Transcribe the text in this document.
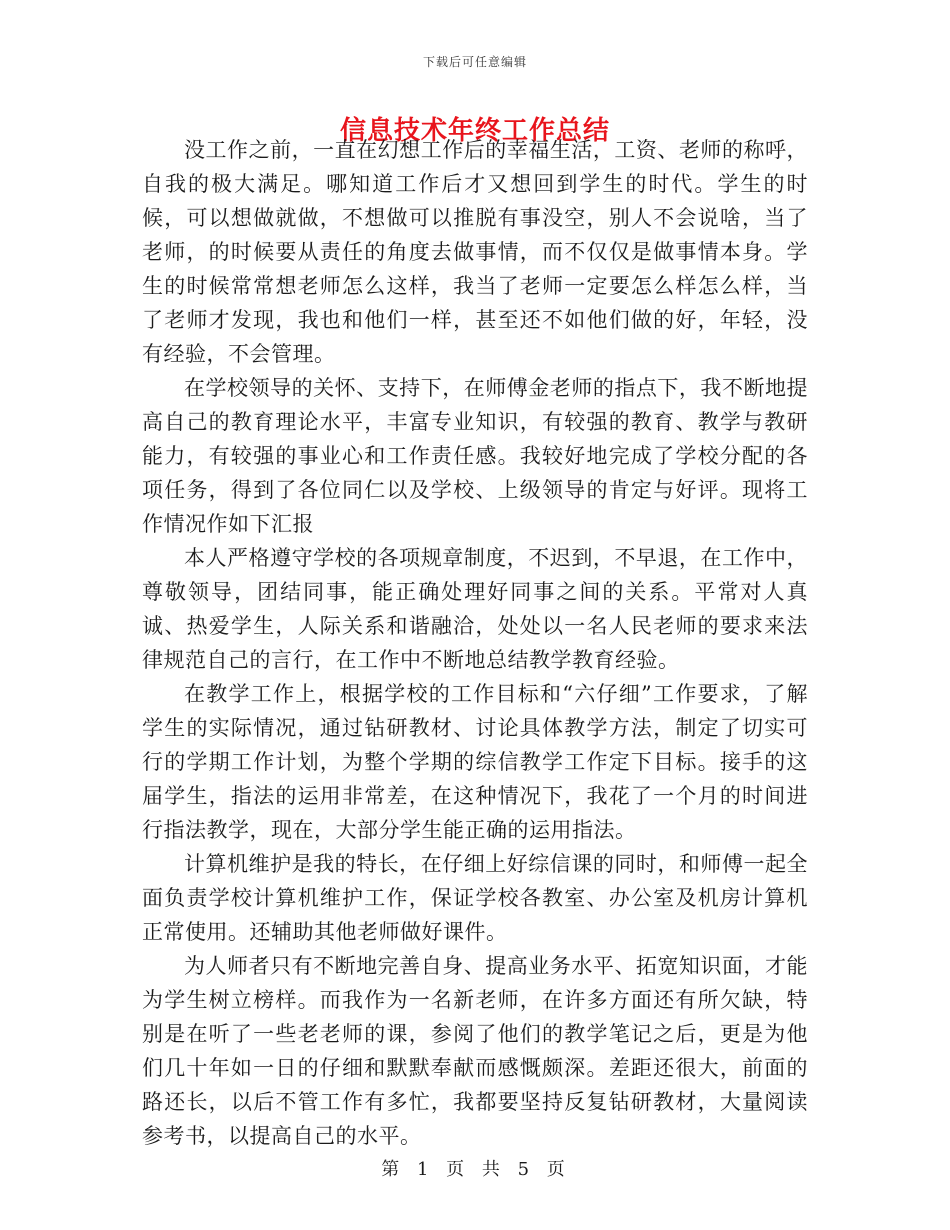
下载后可任意编辑
信息技术年终工作总结

没工作之前，一直在幻想工作后的幸福生活，工资、老师的称呼，自我的极大满足。哪知道工作后才又想回到学生的时代。学生的时候，可以想做就做，不想做可以推脱有事没空，别人不会说啥，当了老师，的时候要从责任的角度去做事情，而不仅仅是做事情本身。学生的时候常常想老师怎么这样，我当了老师一定要怎么样怎么样，当了老师才发现，我也和他们一样，甚至还不如他们做的好，年轻，没有经验，不会管理。

在学校领导的关怀、支持下，在师傅金老师的指点下，我不断地提高自己的教育理论水平，丰富专业知识，有较强的教育、教学与教研能力，有较强的事业心和工作责任感。我较好地完成了学校分配的各项任务，得到了各位同仁以及学校、上级领导的肯定与好评。现将工作情况作如下汇报

本人严格遵守学校的各项规章制度，不迟到，不早退，在工作中，尊敬领导，团结同事，能正确处理好同事之间的关系。平常对人真诚、热爱学生，人际关系和谐融洽，处处以一名人民老师的要求来法律规范自己的言行，在工作中不断地总结教学教育经验。

在教学工作上，根据学校的工作目标和“六仔细”工作要求，了解学生的实际情况，通过钻研教材、讨论具体教学方法，制定了切实可行的学期工作计划，为整个学期的综信教学工作定下目标。接手的这届学生，指法的运用非常差，在这种情况下，我花了一个月的时间进行指法教学，现在，大部分学生能正确的运用指法。

计算机维护是我的特长，在仔细上好综信课的同时，和师傅一起全面负责学校计算机维护工作，保证学校各教室、办公室及机房计算机正常使用。还辅助其他老师做好课件。

为人师者只有不断地完善自身、提高业务水平、拓宽知识面，才能为学生树立榜样。而我作为一名新老师，在许多方面还有所欠缺，特别是在听了一些老老师的课，参阅了他们的教学笔记之后，更是为他们几十年如一日的仔细和默默奉献而感慨颇深。差距还很大，前面的路还长，以后不管工作有多忙，我都要坚持反复钻研教材，大量阅读参考书，以提高自己的水平。

第 1 页 共 5 页
